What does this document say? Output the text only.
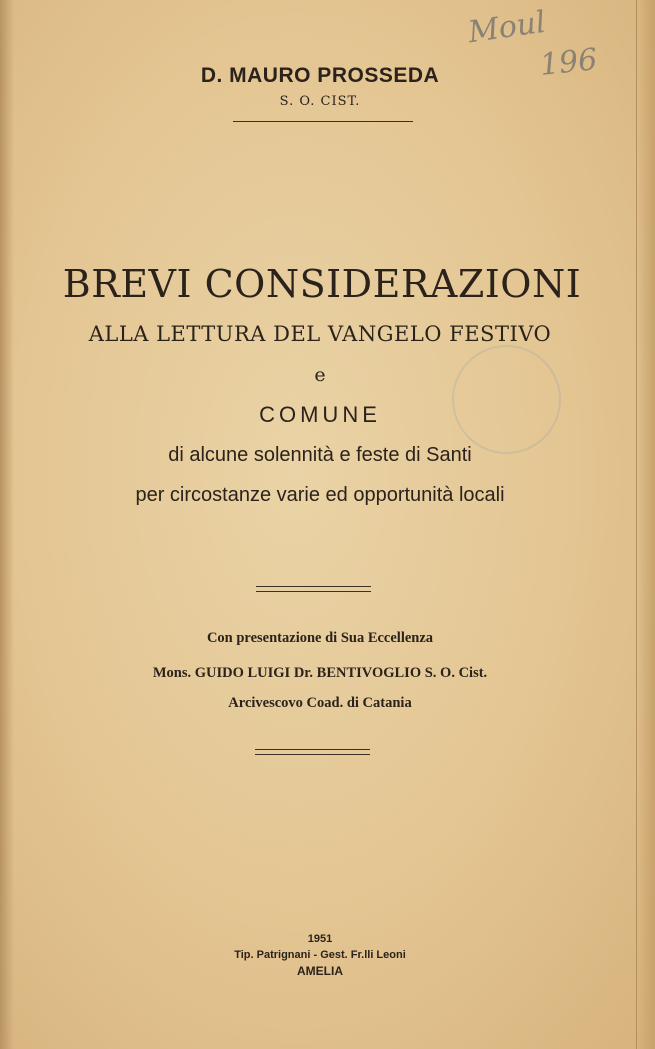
Moul
196
D. MAURO PROSSEDA
S. O. CIST.
BREVI CONSIDERAZIONI
ALLA LETTURA DEL VANGELO FESTIVO
e
COMUNE
di alcune solennità e feste di Santi
per circostanze varie ed opportunità locali
Con presentazione di Sua Eccellenza
Mons. GUIDO LUIGI Dr. BENTIVOGLIO S. O. Cist.
Arcivescovo Coad. di Catania
1951
Tip. Patrignani - Gest. Fr.lli Leoni
AMELIA
